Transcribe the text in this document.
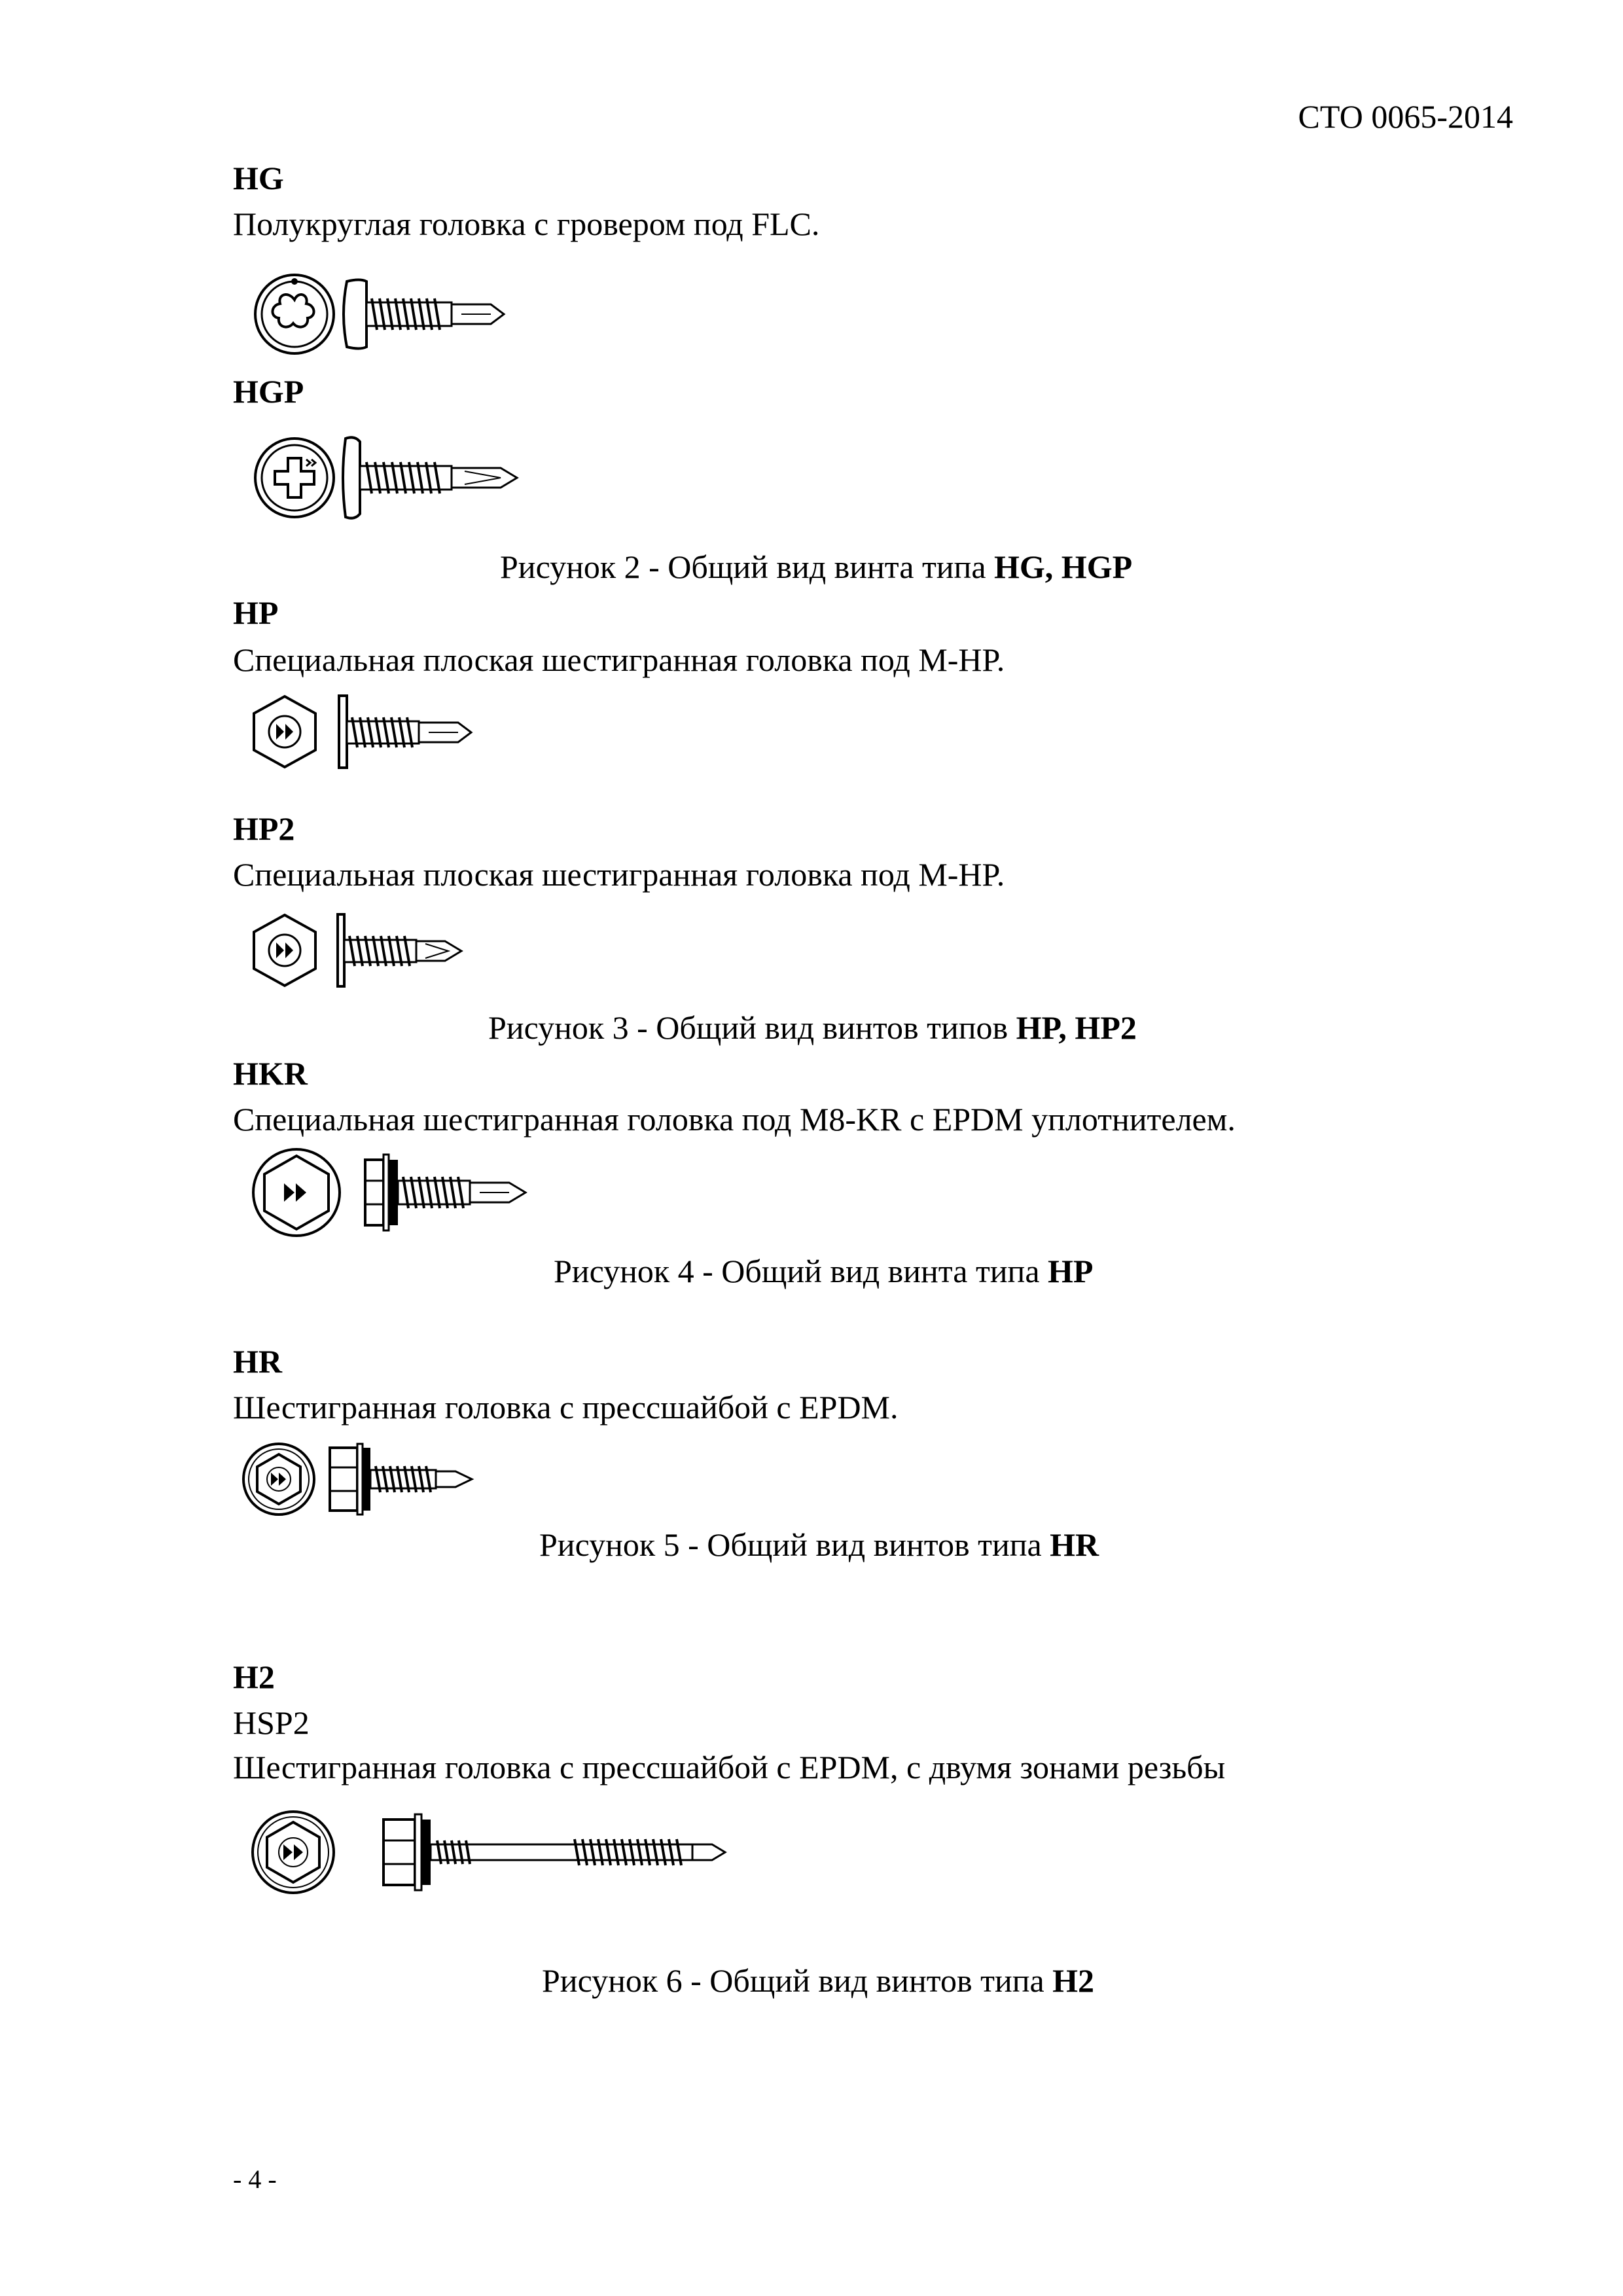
СТО 0065-2014
HG
Полукруглая головка с гровером под FLC.
HGP
Рисунок 2 - Общий вид винта типа HG, HGP
HP
Специальная плоская шестигранная головка под M-HP.
HP2
Специальная плоская шестигранная головка под M-HP.
Рисунок 3 - Общий вид винтов типов HP, HP2
HKR
Специальная шестигранная головка под M8-KR с EPDM уплотнителем.
Рисунок 4 - Общий вид винта типа HP
HR
Шестигранная головка с прессшайбой с EPDM.
Рисунок 5 - Общий вид винтов типа HR
H2
HSP2
Шестигранная головка с прессшайбой с EPDM, с двумя зонами резьбы
Рисунок 6 - Общий вид винтов типа H2
- 4 -
